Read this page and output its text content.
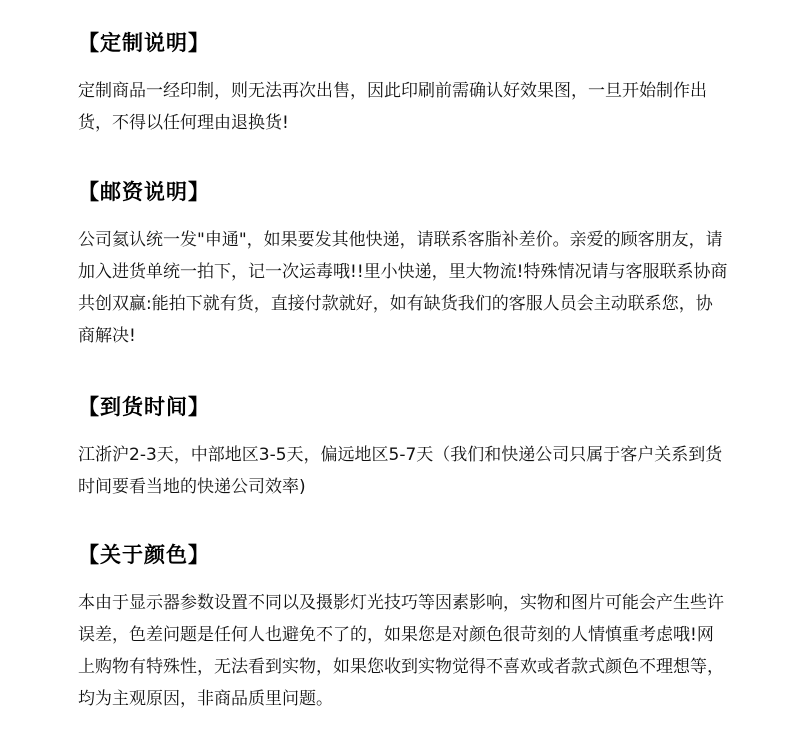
【定制说明】

定制商品一经印制，则无法再次出售，因此印刷前需确认好效果图，一旦开始制作出货，不得以任何理由退换货!

【邮资说明】

公司氦认统一发"申通"，如果要发其他快递，请联系客脂补差价。亲爱的顾客朋友，请加入进货单统一拍下，记一次运毒哦!!里小快递，里大物流!特殊情况请与客服联系协商共创双赢:能拍下就有货，直接付款就好，如有缺货我们的客服人员会主动联系您，协商解决!

【到货时间】

江浙沪2-3天，中部地区3-5天，偏远地区5-7天（我们和快递公司只属于客户关系到货时间要看当地的快递公司效率)

【关于颜色】

本由于显示器参数设置不同以及摄影灯光技巧等因素影响，实物和图片可能会产生些许误差，色差问题是任何人也避免不了的，如果您是对颜色很苛刻的人情慎重考虑哦!网上购物有特殊性，无法看到实物，如果您收到实物觉得不喜欢或者款式颜色不理想等，均为主观原因，非商品质里问题。
